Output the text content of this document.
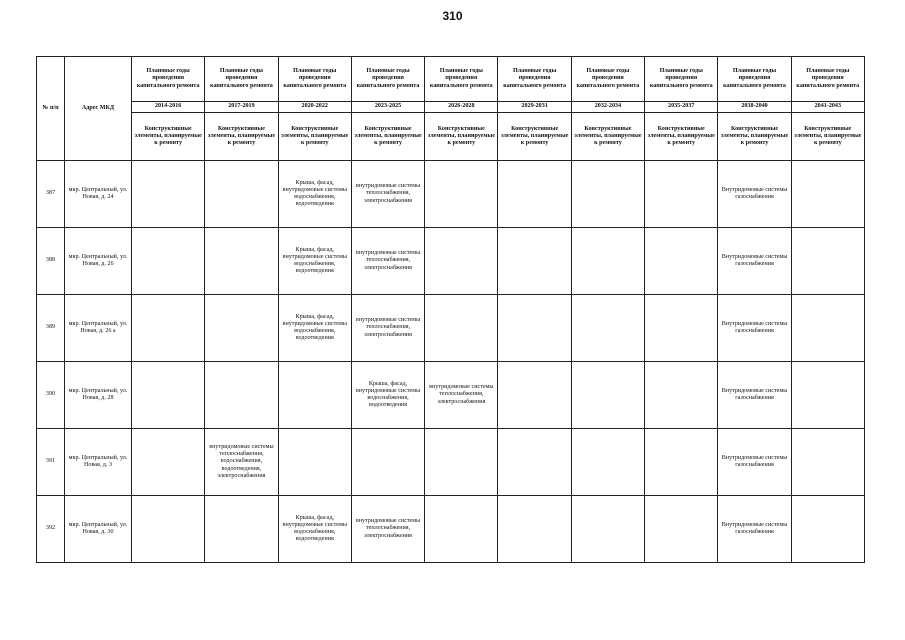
310
№ п/п	Адрес МКД	Плановые годы проведения капитального ремонта	Плановые годы проведения капитального ремонта	Плановые годы проведения капитального ремонта	Плановые годы проведения капитального ремонта	Плановые годы проведения капитального ремонта	Плановые годы проведения капитального ремонта	Плановые годы проведения капитального ремонта	Плановые годы проведения капитального ремонта	Плановые годы проведения капитального ремонта	Плановые годы проведения капитального ремонта
		2014-2016	2017-2019	2020-2022	2023-2025	2026-2028	2029-2031	2032-2034	2035-2037	2038-2040	2041-2043
		Конструктивные элементы, планируемые к ремонту	Конструктивные элементы, планируемые к ремонту	Конструктивные элементы, планируемые к ремонту	Конструктивные элементы, планируемые к ремонту	Конструктивные элементы, планируемые к ремонту	Конструктивные элементы, планируемые к ремонту	Конструктивные элементы, планируемые к ремонту	Конструктивные элементы, планируемые к ремонту	Конструктивные элементы, планируемые к ремонту	Конструктивные элементы, планируемые к ремонту
387	мкр. Центральный, ул. Новая, д. 24			Крыша, фасад, внутридомовые системы водоснабжения, водоотведения	внутридомовые системы теплоснабжения, электроснабжения					Внутридомовые системы газоснабжения	
388	мкр. Центральный, ул. Новая, д. 26			Крыша, фасад, внутридомовые системы водоснабжения, водоотведения	внутридомовые системы теплоснабжения, электроснабжения					Внутридомовые системы газоснабжения	
389	мкр. Центральный, ул. Новая, д. 26 а			Крыша, фасад, внутридомовые системы водоснабжения, водоотведения	внутридомовые системы теплоснабжения, электроснабжения					Внутридомовые системы газоснабжения	
390	мкр. Центральный, ул. Новая, д. 28				Крыша, фасад, внутридомовые системы водоснабжения, водоотведения	внутридомовые системы теплоснабжения, электроснабжения				Внутридомовые системы газоснабжения	
391	мкр. Центральный, ул. Новая, д. 3		внутридомовые системы теплоснабжения, водоснабжения, водоотведения, электроснабжения							Внутридомовые системы газоснабжения	
392	мкр. Центральный, ул. Новая, д. 30			Крыша, фасад, внутридомовые системы водоснабжения, водоотведения	внутридомовые системы теплоснабжения, электроснабжения					Внутридомовые системы газоснабжения	
